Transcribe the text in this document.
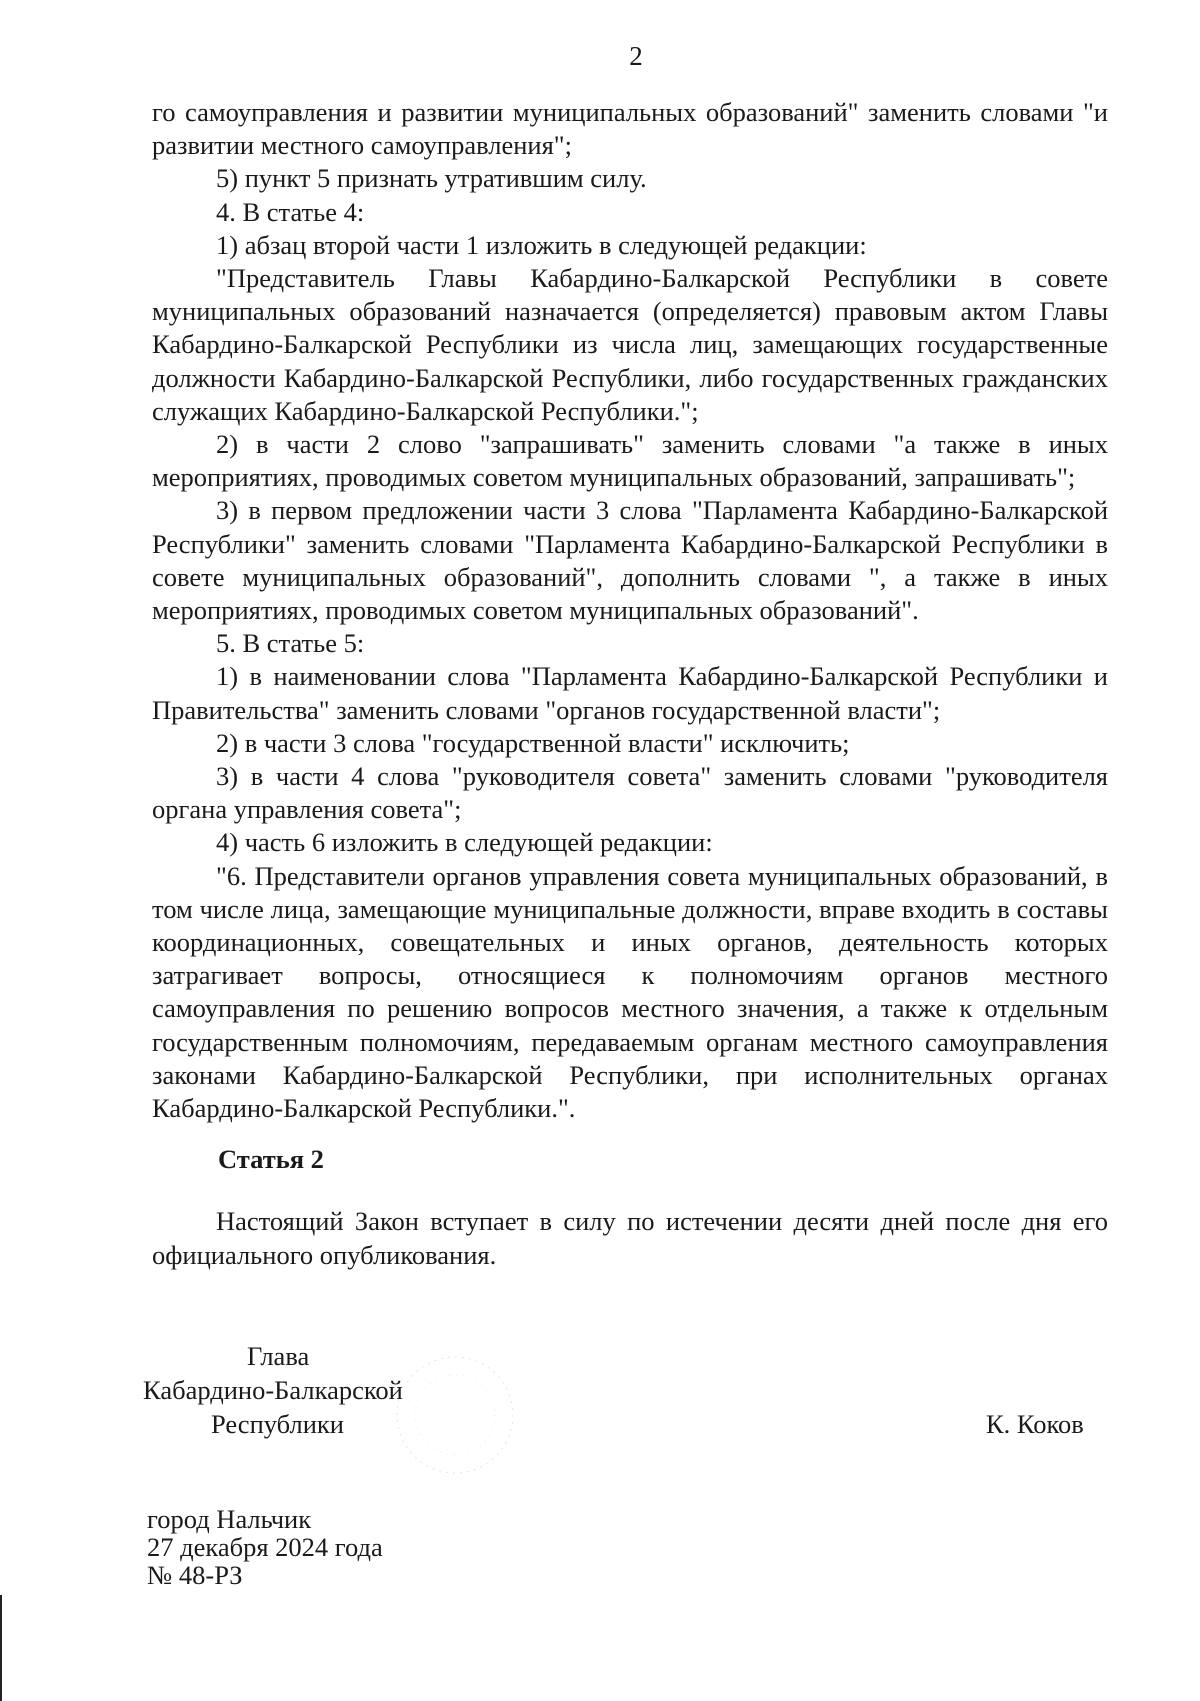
2

го самоуправления и развитии муниципальных образований" заменить словами "и развитии местного самоуправления";

5) пункт 5 признать утратившим силу.

4. В статье 4:

1) абзац второй части 1 изложить в следующей редакции:

"Представитель Главы Кабардино-Балкарской Республики в совете муниципальных образований назначается (определяется) правовым актом Главы Кабардино-Балкарской Республики из числа лиц, замещающих государственные должности Кабардино-Балкарской Республики, либо государственных гражданских служащих Кабардино-Балкарской Республики.";

2) в части 2 слово "запрашивать" заменить словами "а также в иных мероприятиях, проводимых советом муниципальных образований, запрашивать";

3) в первом предложении части 3 слова "Парламента Кабардино-Балкарской Республики" заменить словами "Парламента Кабардино-Балкарской Республики в совете муниципальных образований", дополнить словами ", а также в иных мероприятиях, проводимых советом муниципальных образований".

5. В статье 5:

1) в наименовании слова "Парламента Кабардино-Балкарской Республики и Правительства" заменить словами "органов государственной власти";

2) в части 3 слова "государственной власти" исключить;

3) в части 4 слова "руководителя совета" заменить словами "руководителя органа управления совета";

4) часть 6 изложить в следующей редакции:

"6. Представители органов управления совета муниципальных образований, в том числе лица, замещающие муниципальные должности, вправе входить в составы координационных, совещательных и иных органов, деятельность которых затрагивает вопросы, относящиеся к полномочиям органов местного самоуправления по решению вопросов местного значения, а также к отдельным государственным полномочиям, передаваемым органам местного самоуправления законами Кабардино-Балкарской Республики, при исполнительных органах Кабардино-Балкарской Республики.".

Статья 2

Настоящий Закон вступает в силу по истечении десяти дней после дня его официального опубликования.

Глава
Кабардино-Балкарской
Республики	К. Коков
город Нальчик
27 декабря 2024 года
№ 48-РЗ
